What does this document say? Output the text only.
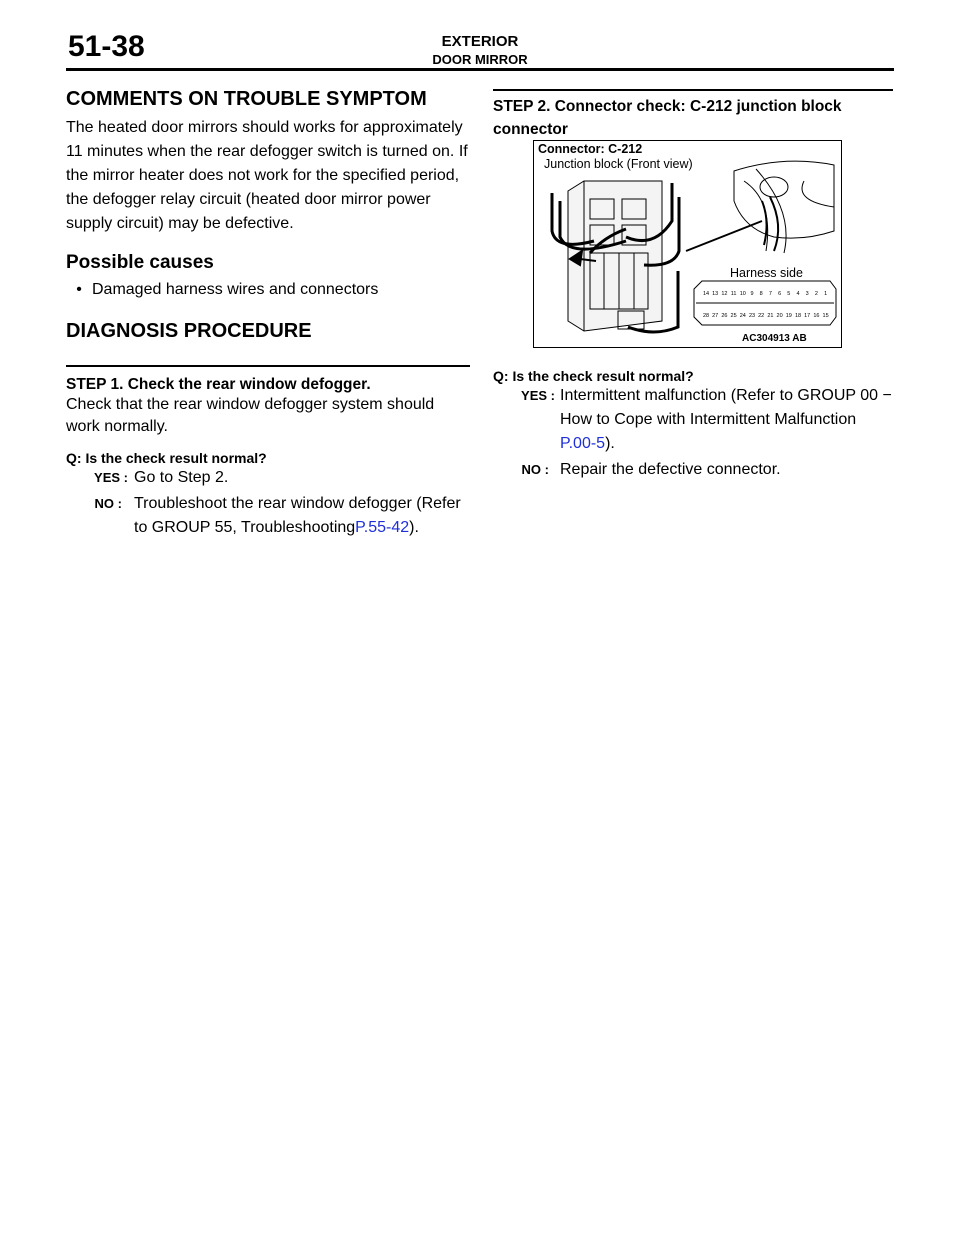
51-38	EXTERIOR
DOOR MIRROR
COMMENTS ON TROUBLE SYMPTOM

The heated door mirrors should works for approximately 11 minutes when the rear defogger switch is turned on. If the mirror heater does not work for the specified period, the defogger relay circuit (heated door mirror power supply circuit) may be defective.

Possible causes
• Damaged harness wires and connectors
DIAGNOSIS PROCEDURE
STEP 1. Check the rear window defogger.

Check that the rear window defogger system should work normally.

Q: Is the check result normal?
YES : Go to Step 2.
NO : Troubleshoot the rear window defogger (Refer to GROUP 55, TroubleshootingP.55-42).
STEP 2. Connector check: C-212 junction block connector
14 13 12 11 10 9 8 7 6 5 4 3 2 1
28 27 26 25 24 23 22 21 20 19 18 17 16 15
Connector: C-212
Junction block (Front view)
Harness side
AC304913 AB
Q: Is the check result normal?
YES : Intermittent malfunction (Refer to GROUP 00 − How to Cope with Intermittent Malfunction P.00-5).
NO : Repair the defective connector.
